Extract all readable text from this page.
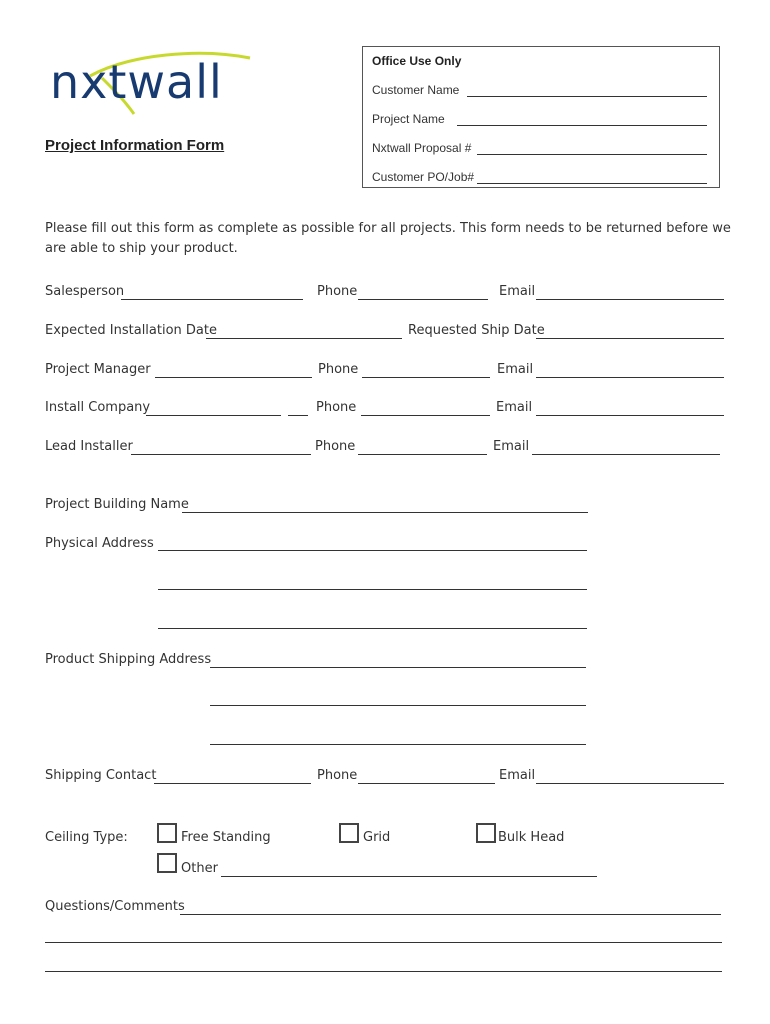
nxtwall
Project Information Form
Office Use Only
Customer Name
Project Name
Nxtwall Proposal #
Customer PO/Job#
Please fill out this form as complete as possible for all projects. This form needs to be returned before we are able to ship your product.
Salesperson	Phone	Email
Expected Installation Date	Requested Ship Date
Project Manager	Phone	Email
Install Company	Phone	Email
Lead Installer	Phone	Email
Project Building Name
Physical Address
Product Shipping Address
Shipping Contact	Phone	Email
Ceiling Type:	Free Standing	Grid	Bulk Head
Other
Questions/Comments
